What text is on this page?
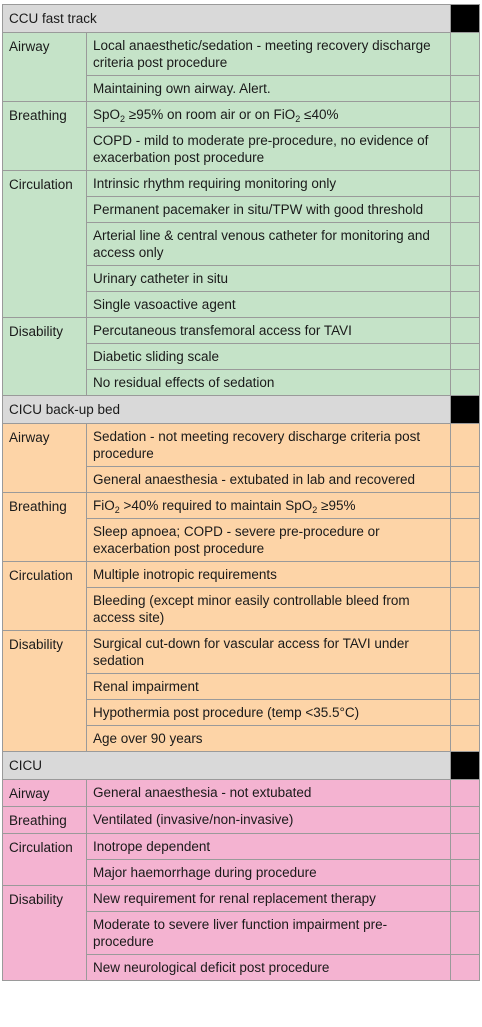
CCU fast track		
Airway	Local anaesthetic/sedation - meeting recovery discharge criteria post procedure	
	Maintaining own airway. Alert.	
Breathing	SpO$_2$ ≥95% on room air or on FiO$_2$ ≤40%	
	COPD - mild to moderate pre-procedure, no evidence of exacerbation post procedure	
Circulation	Intrinsic rhythm requiring monitoring only	
	Permanent pacemaker in situ/TPW with good threshold	
	Arterial line & central venous catheter for monitoring and access only	
	Urinary catheter in situ	
	Single vasoactive agent	
Disability	Percutaneous transfemoral access for TAVI	
	Diabetic sliding scale	
	No residual effects of sedation	
CICU back-up bed		
Airway	Sedation - not meeting recovery discharge criteria post procedure	
	General anaesthesia - extubated in lab and recovered	
Breathing	FiO$_2$ >40% required to maintain SpO$_2$ ≥95%	
	Sleep apnoea; COPD - severe pre-procedure or exacerbation post procedure	
Circulation	Multiple inotropic requirements	
	Bleeding (except minor easily controllable bleed from access site)	
Disability	Surgical cut-down for vascular access for TAVI under sedation	
	Renal impairment	
	Hypothermia post procedure (temp <35.5°C)	
	Age over 90 years	
CICU		
Airway	General anaesthesia - not extubated	
Breathing	Ventilated (invasive/non-invasive)	
Circulation	Inotrope dependent	
	Major haemorrhage during procedure	
Disability	New requirement for renal replacement therapy	
	Moderate to severe liver function impairment pre-procedure	
	New neurological deficit post procedure	
